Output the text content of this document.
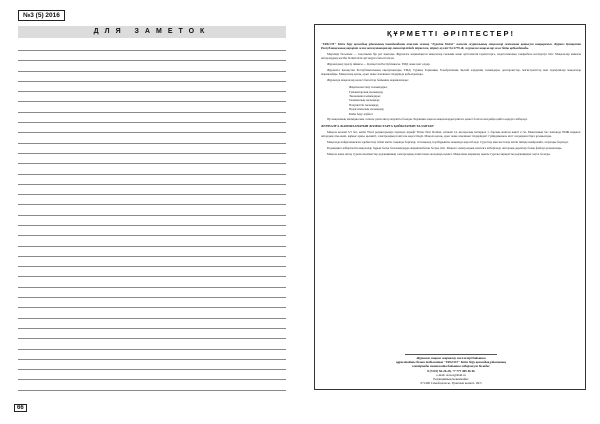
№3 (5) 2016
ДЛЯ ЗАМЕТОК
66
ҚҰРМЕТТІ ӘРІПТЕСТЕР!

"ЕРАСОТ" Білім беру қоғамдық ұйымының тағайындаған аталған жинақ "Еуразия Білімі" ғылыми журналының мақалалар жинағына қатысуға шақырамыз. Журнал Қазақстан Республикасының ақпарат және коммуникациялар министрлігінде тіркелген, тіркеу куәлігі №14779-Ж, журналға мақалалар жыл бойы қабылданады.

Мерзімді басылым — тоқсанына бір рет шығады. Журналға жарияланған мақалалар ғылыми және әдістемелік ізденістерге, педагогикалық тәжірибеге негізделуі тиіс. Мақалалар жинағы авторлардың кәсіби біліктілігін арттыруға бағытталған.

Журналдың таралу аймағы — Қазақстан Республикасы, ТМД және шет елдер.

Журналға Қазақстан Республикасының оқытушылары, ТМД, Түркия, Германия, Ұлыбритания, Қытай елдерінің ғалымдары, докторанттар, магистранттар мен ізденушілер мақалалар жариялайды. Мақалалар қазақ, орыс және ағылшын тілдерінде қабылданады.

Журналда мақалалар келесі бағыттар бойынша жарияланады:

Жаратылыстану ғылымдары;
Гуманитарлық ғылымдар;
Экономика ғылымдары;
Техникалық ғылымдар;
Әлеуметтік ғылымдар;
Педагогикалық ғылымдар;
Білім беру жүйесі.

Әр мақаланың мазмұны мен сапасы үшін автор жауапты болады. Редакция алқасы мақалаларды іріктеп, қажет болған жағдайда қайта өңдеуге жібереді.

ЖУРНАЛҒА ЖАРИЯЛАНАТЫН ЖҰМЫСТАРҒА ҚОЙЫЛАТЫН ТАЛАПТАР:

Мақала көлемі 3-5 бет, мәтін Word редакторында теріледі, шрифт Times New Roman, өлшемі 14, жоларалық интервал 1, барлық жақтан жиегі 2 см. Мақаланың бас жағында ӘОЖ индексі, автордың аты-жөні, жұмыс орны, қызметі, электрондық поштасы көрсетіледі. Мақала қазақ, орыс және ағылшын тілдеріндегі түйіндемемен, кілт сөздермен бірге ұсынылады.

Мақалада пайдаланылған әдебиеттер тізімі мәтін соңында беріледі, сілтемелер төртбұрышты жақшада көрсетіледі. Суреттер мен кестелер мәтін ішінде нөмірленіп, атаулары беріледі.

Редакцияға жіберілетін мақалалар бұрын басқа басылымдарда жарияланбаған болуы тиіс. Мақала электрондық поштаға жіберіледі, авторлық деректер бөлек файлда ұсынылады.

Мақала және автор туралы мәліметтер редакцияның электрондық поштасына жолдануы қажет. Мақаланы жариялау ақысы туралы ақпаратты редакциядан алуға болады.

Журналға мақала жариялау мәселелері бойынша
құрылтайшы болып табылатын "ЕРАСОТ" Білім беру қоғамдық ұйымының
электронды мекенжайы бойынша хабарласуға болады:
8 (7222) 56-26-28, +7 777 405 46 46
e-mail: erasot@mail.ru
Редакцияның мекенжайы:
071400 Семей қаласы, Уранхаев көшесі, 49/3
